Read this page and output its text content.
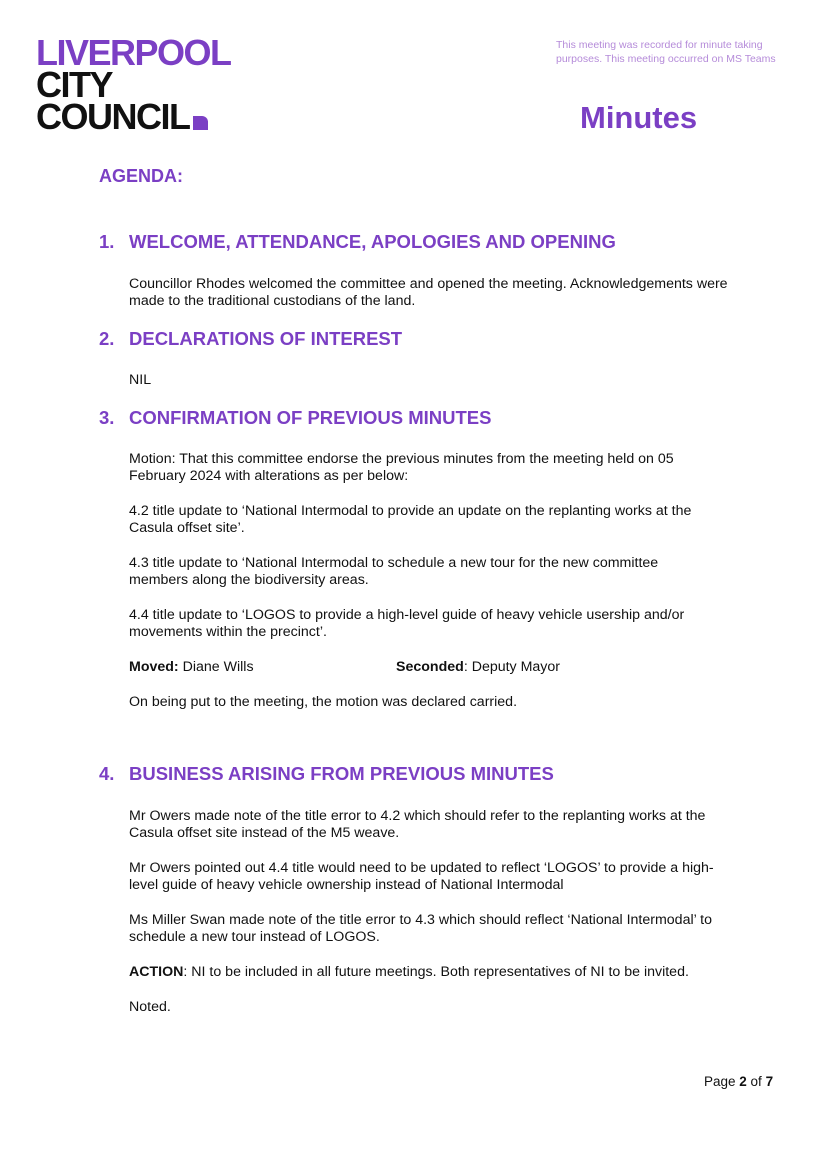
LIVERPOOL
CITY
COUNCIL
This meeting was recorded for minute taking purposes. This meeting occurred on MS Teams
Minutes
AGENDA:
1. WELCOME, ATTENDANCE, APOLOGIES AND OPENING
Councillor Rhodes welcomed the committee and opened the meeting. Acknowledgements were made to the traditional custodians of the land.
2. DECLARATIONS OF INTEREST
NIL
3. CONFIRMATION OF PREVIOUS MINUTES
Motion: That this committee endorse the previous minutes from the meeting held on 05 February 2024 with alterations as per below:
4.2 title update to ‘National Intermodal to provide an update on the replanting works at the Casula offset site’.
4.3 title update to ‘National Intermodal to schedule a new tour for the new committee members along the biodiversity areas.
4.4 title update to ‘LOGOS to provide a high-level guide of heavy vehicle usership and/or movements within the precinct’.
Moved: Diane Wills	Seconded: Deputy Mayor
On being put to the meeting, the motion was declared carried.
4. BUSINESS ARISING FROM PREVIOUS MINUTES
Mr Owers made note of the title error to 4.2 which should refer to the replanting works at the Casula offset site instead of the M5 weave.
Mr Owers pointed out 4.4 title would need to be updated to reflect ‘LOGOS’ to provide a high-level guide of heavy vehicle ownership instead of National Intermodal
Ms Miller Swan made note of the title error to 4.3 which should reflect ‘National Intermodal’ to schedule a new tour instead of LOGOS.
ACTION: NI to be included in all future meetings. Both representatives of NI to be invited.
Noted.
Page 2 of 7
